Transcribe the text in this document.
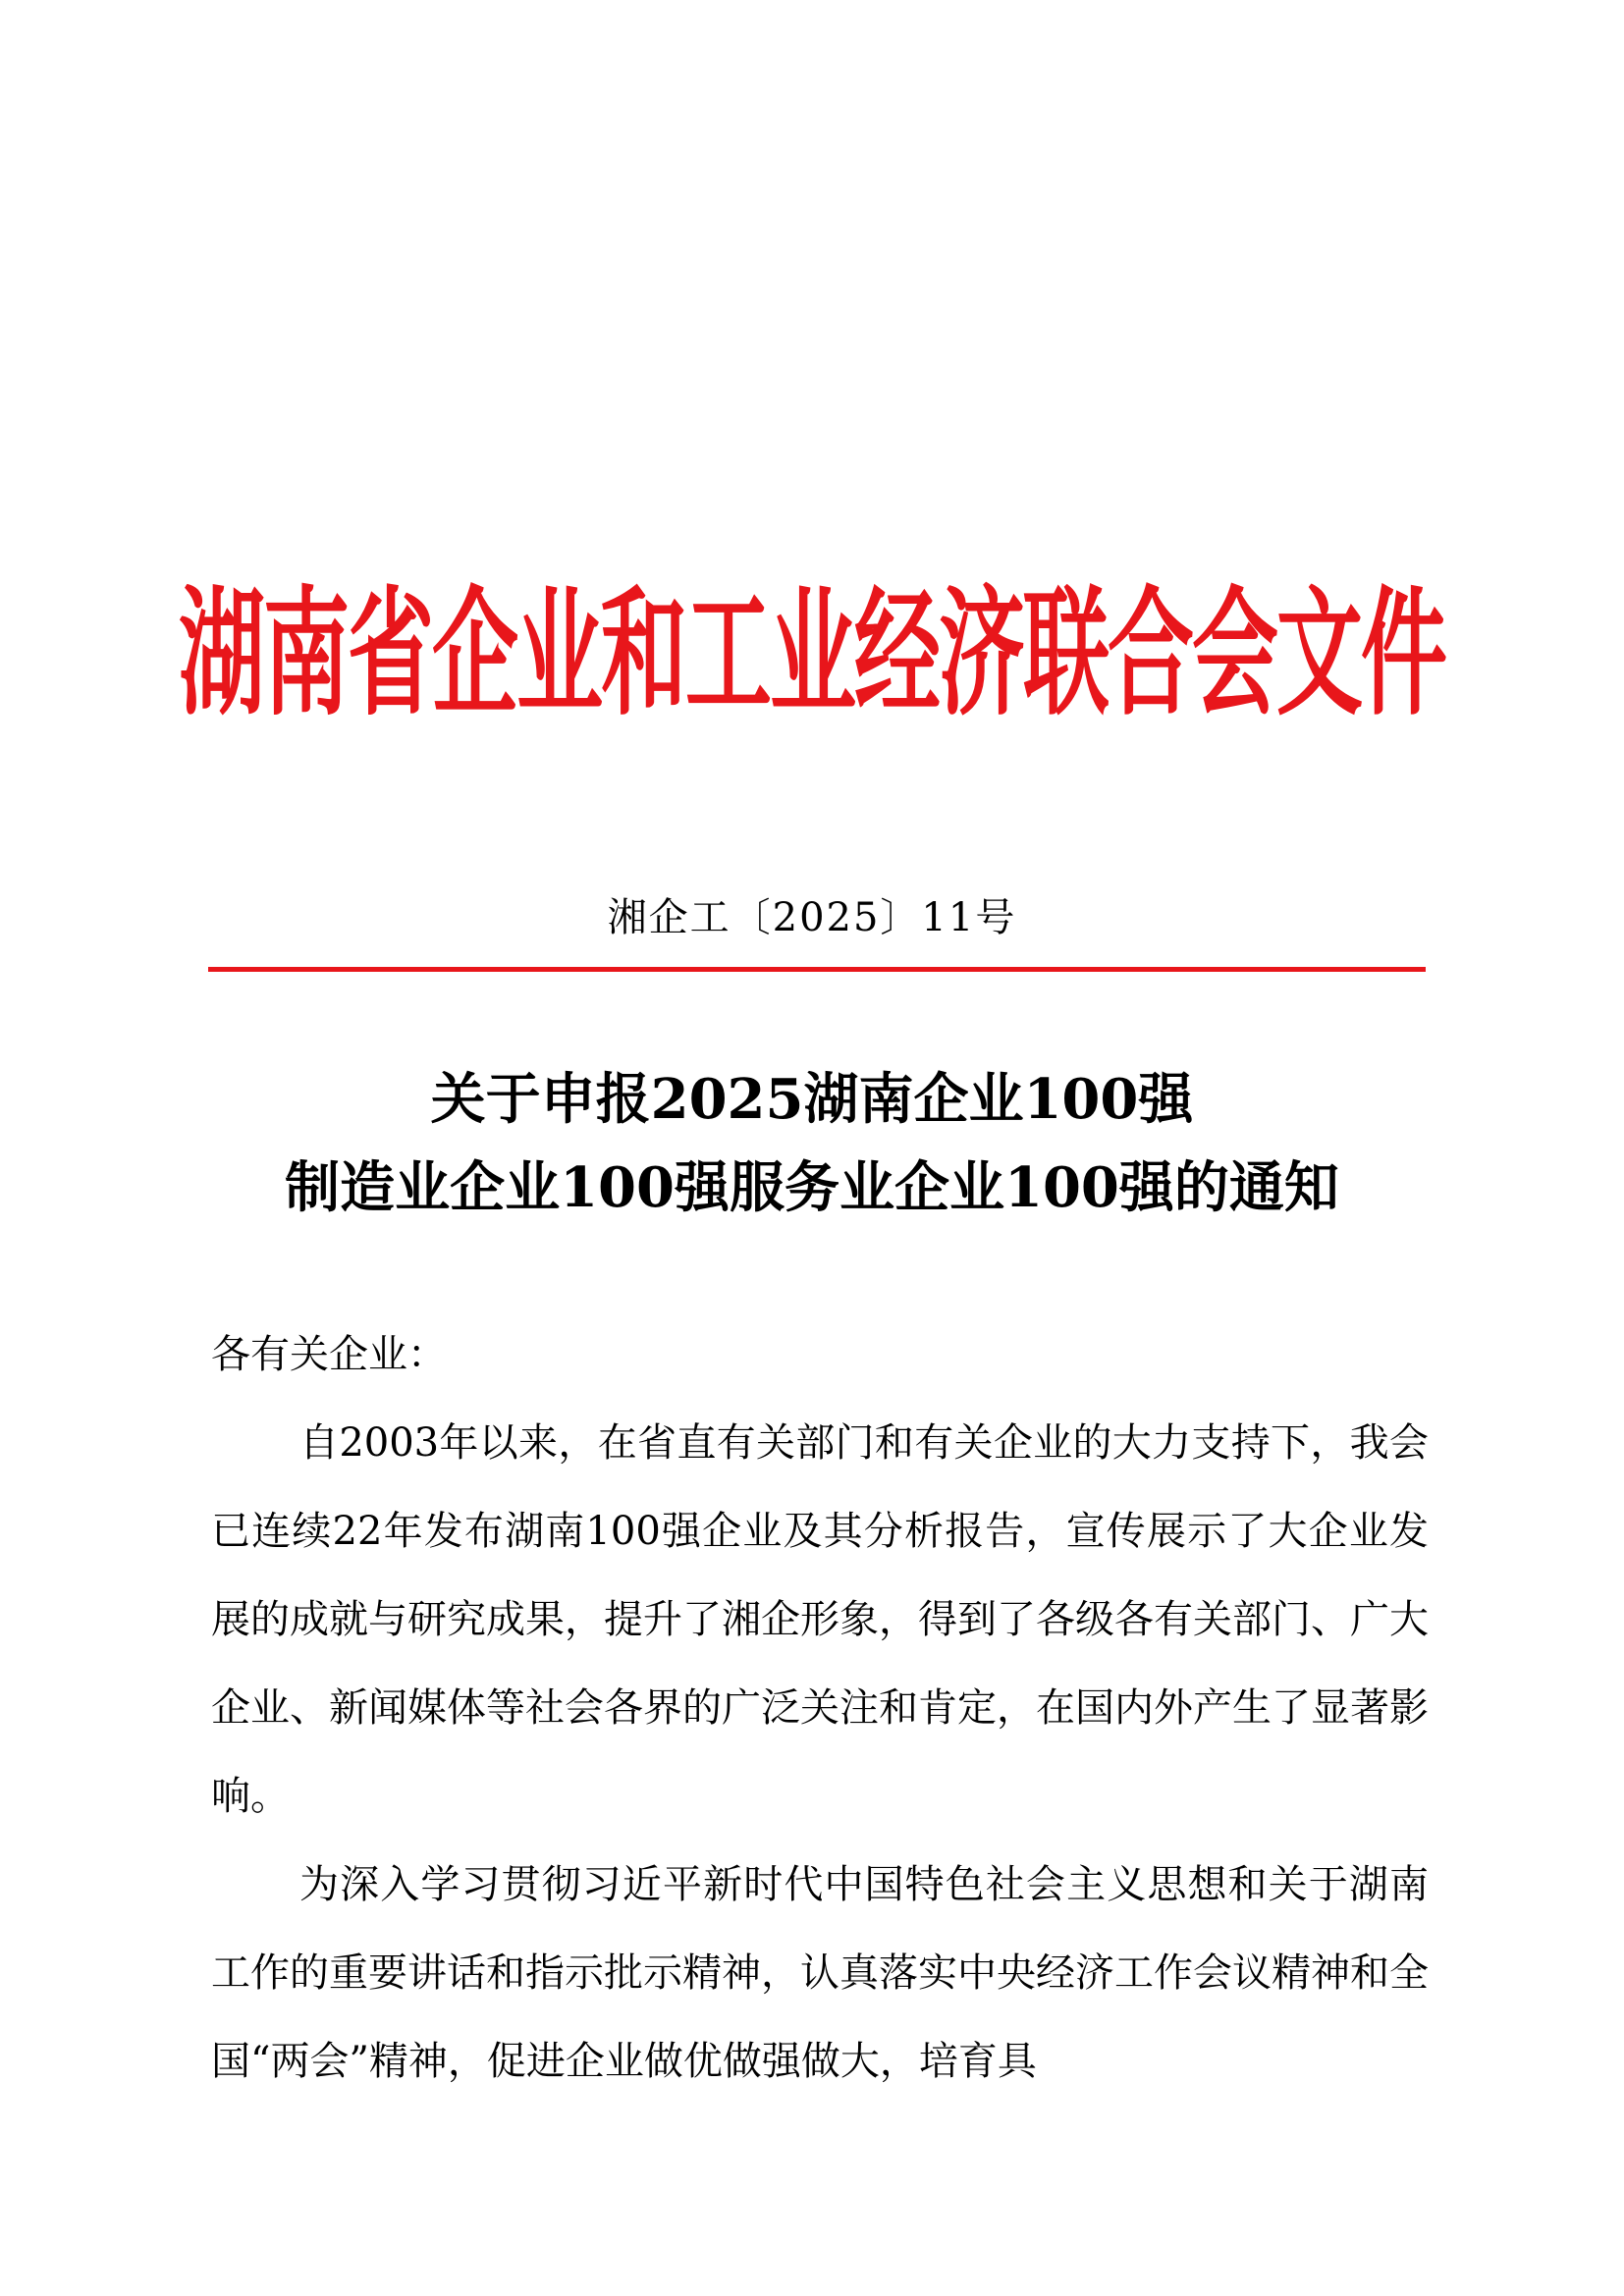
湖南省企业和工业经济联合会文件
湘企工〔2025〕11号
关于申报2025湖南企业100强
制造业企业100强服务业企业100强的通知

各有关企业：

自2003年以来，在省直有关部门和有关企业的大力支持下，我会已连续22年发布湖南100强企业及其分析报告，宣传展示了大企业发展的成就与研究成果，提升了湘企形象，得到了各级各有关部门、广大企业、新闻媒体等社会各界的广泛关注和肯定，在国内外产生了显著影响。

为深入学习贯彻习近平新时代中国特色社会主义思想和关于湖南工作的重要讲话和指示批示精神，认真落实中央经济工作会议精神和全国“两会”精神，促进企业做优做强做大，培育具
